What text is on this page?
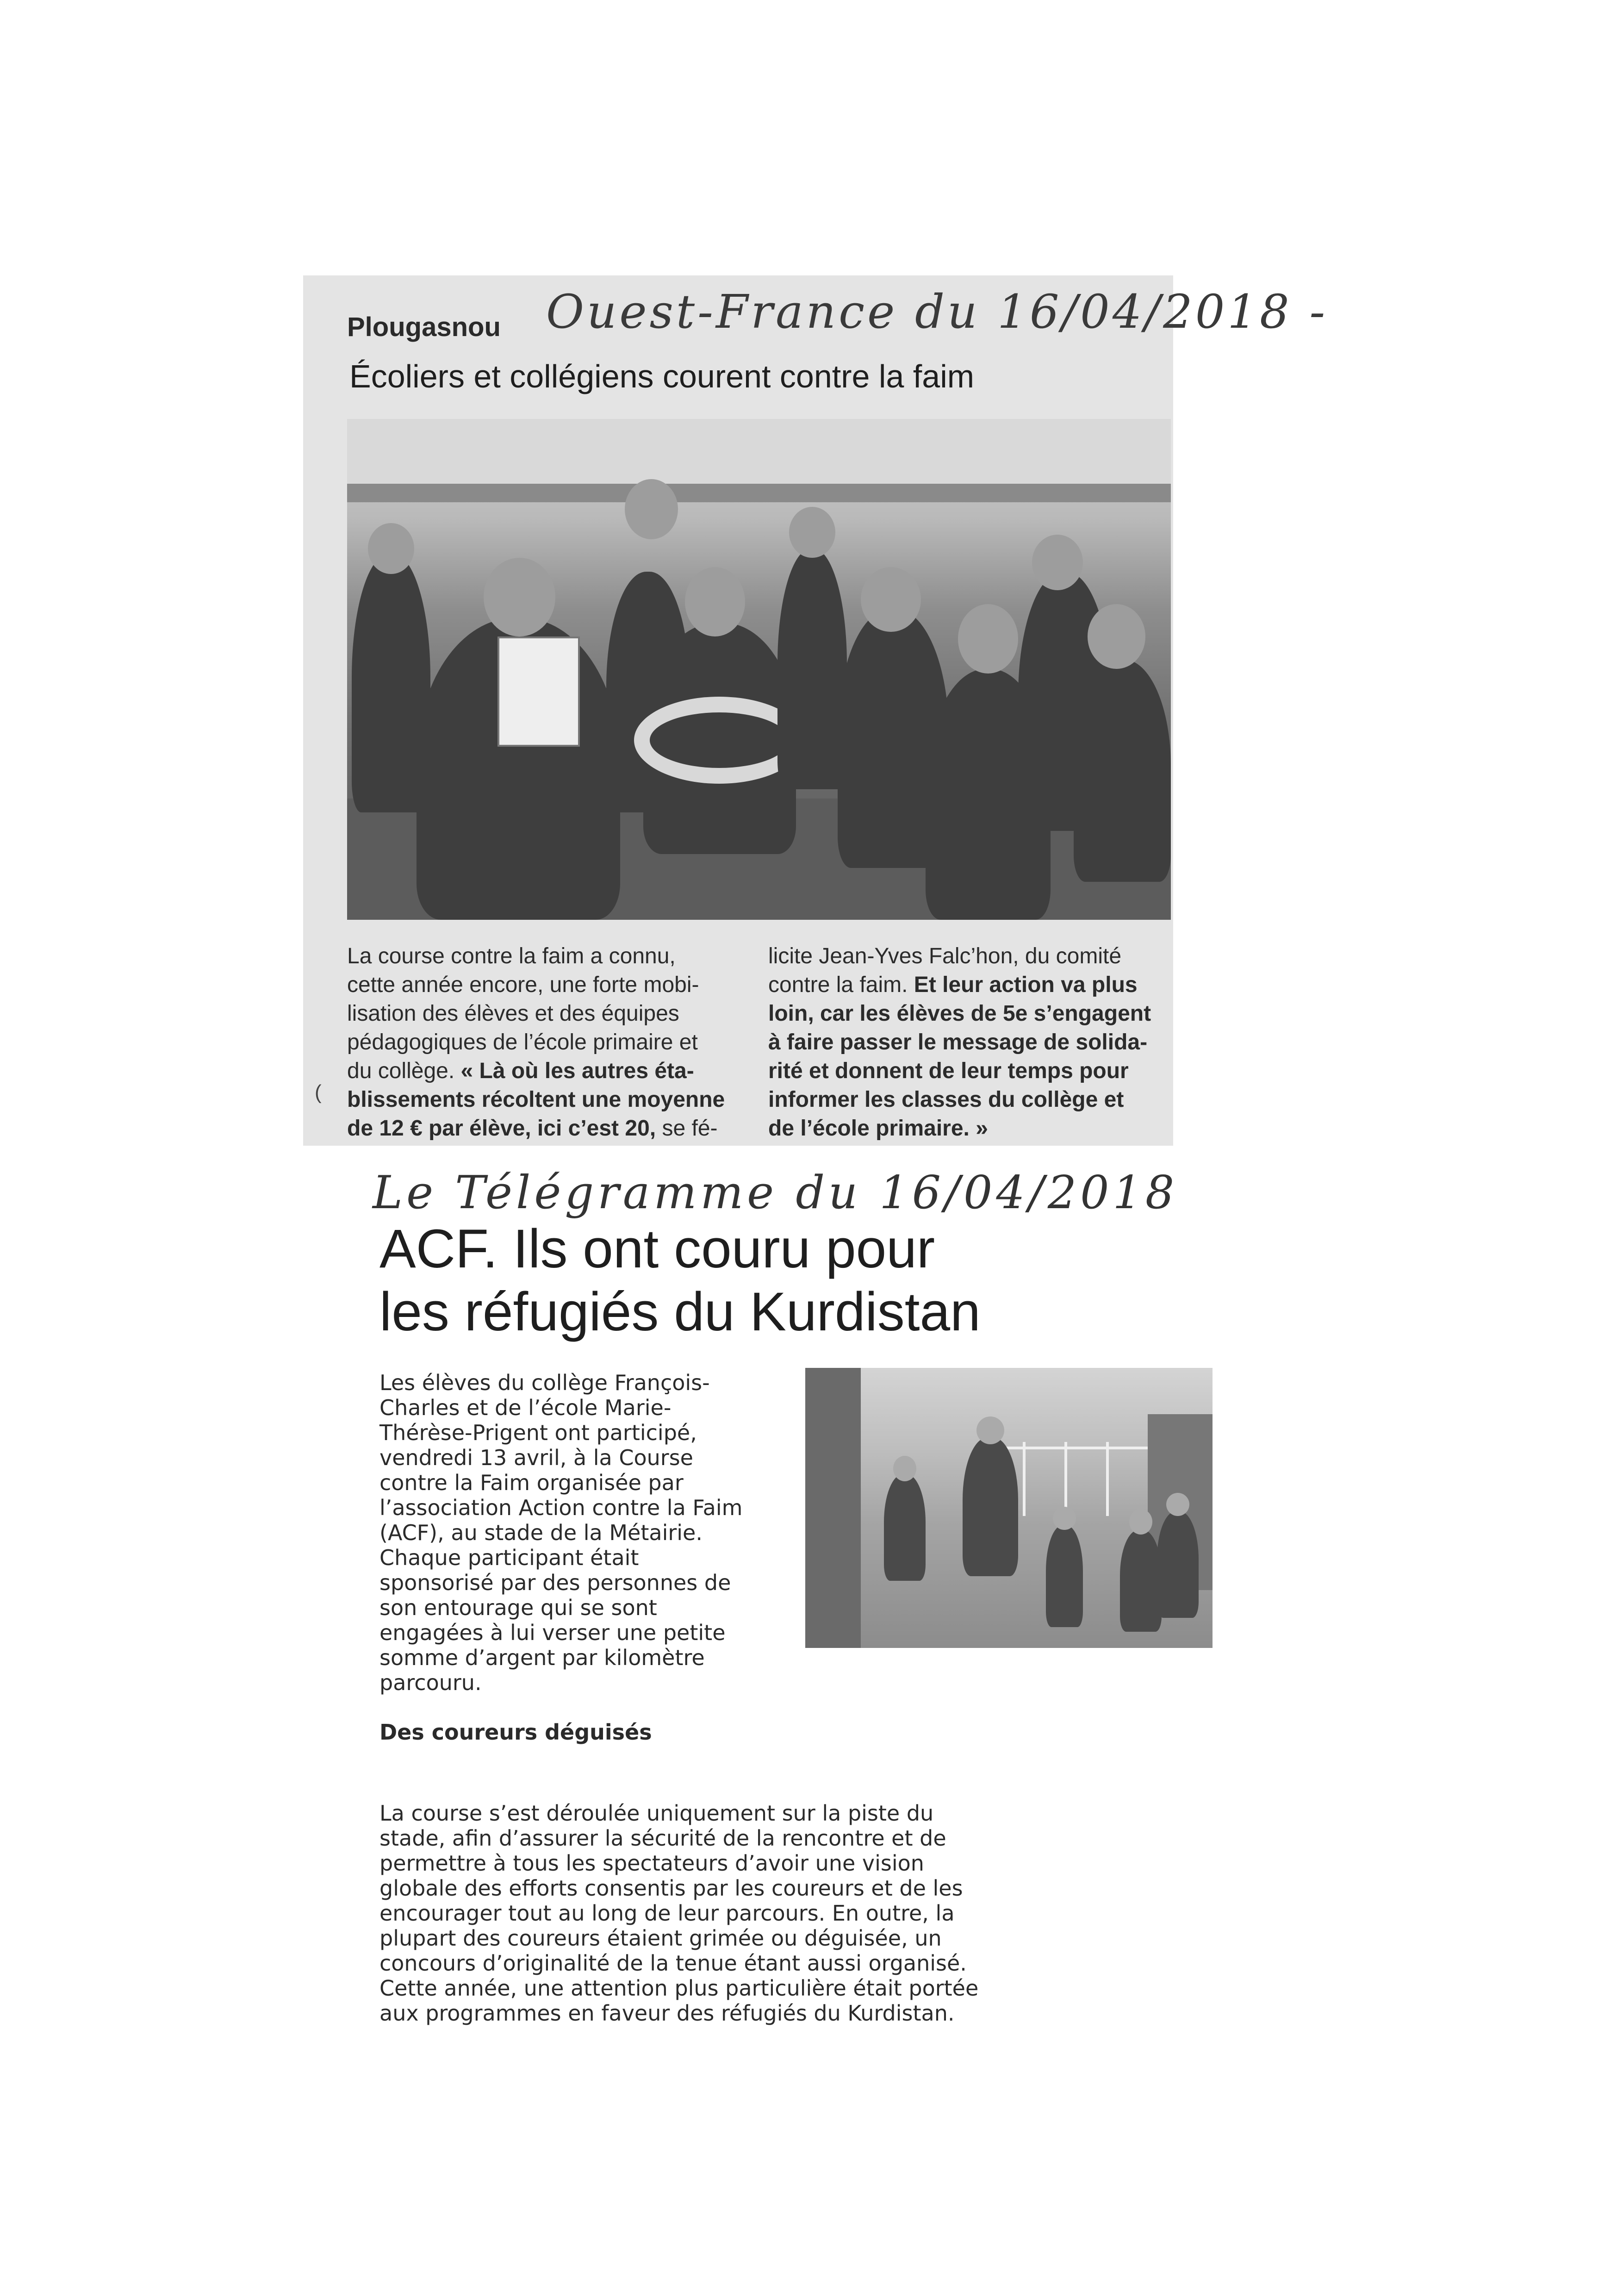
Plougasnou Ouest-France du 16/04/2018 -
Écoliers et collégiens courent contre la faim
La course contre la faim a connu,
cette année encore, une forte mobi-
lisation des élèves et des équipes
pédagogiques de l’école primaire et
du collège. « Là où les autres éta-
blissements récoltent une moyenne
de 12 € par élève, ici c’est 20, se fé-
licite Jean-Yves Falc’hon, du comité
contre la faim. Et leur action va plus
loin, car les élèves de 5e s’engagent
à faire passer le message de solida-
rité et donnent de leur temps pour
informer les classes du collège et
de l’école primaire. »
(
Le Télégramme du 16/04/2018
ACF. Ils ont couru pour
les réfugiés du Kurdistan
Les élèves du collège François-
Charles et de l’école Marie-
Thérèse-Prigent ont participé,
vendredi 13 avril, à la Course
contre la Faim organisée par
l’association Action contre la Faim
(ACF), au stade de la Métairie.
Chaque participant était
sponsorisé par des personnes de
son entourage qui se sont
engagées à lui verser une petite
somme d’argent par kilomètre
parcouru.
Des coureurs déguisés
La course s’est déroulée uniquement sur la piste du
stade, afin d’assurer la sécurité de la rencontre et de
permettre à tous les spectateurs d’avoir une vision
globale des efforts consentis par les coureurs et de les
encourager tout au long de leur parcours. En outre, la
plupart des coureurs étaient grimée ou déguisée, un
concours d’originalité de la tenue étant aussi organisé.
Cette année, une attention plus particulière était portée
aux programmes en faveur des réfugiés du Kurdistan.
